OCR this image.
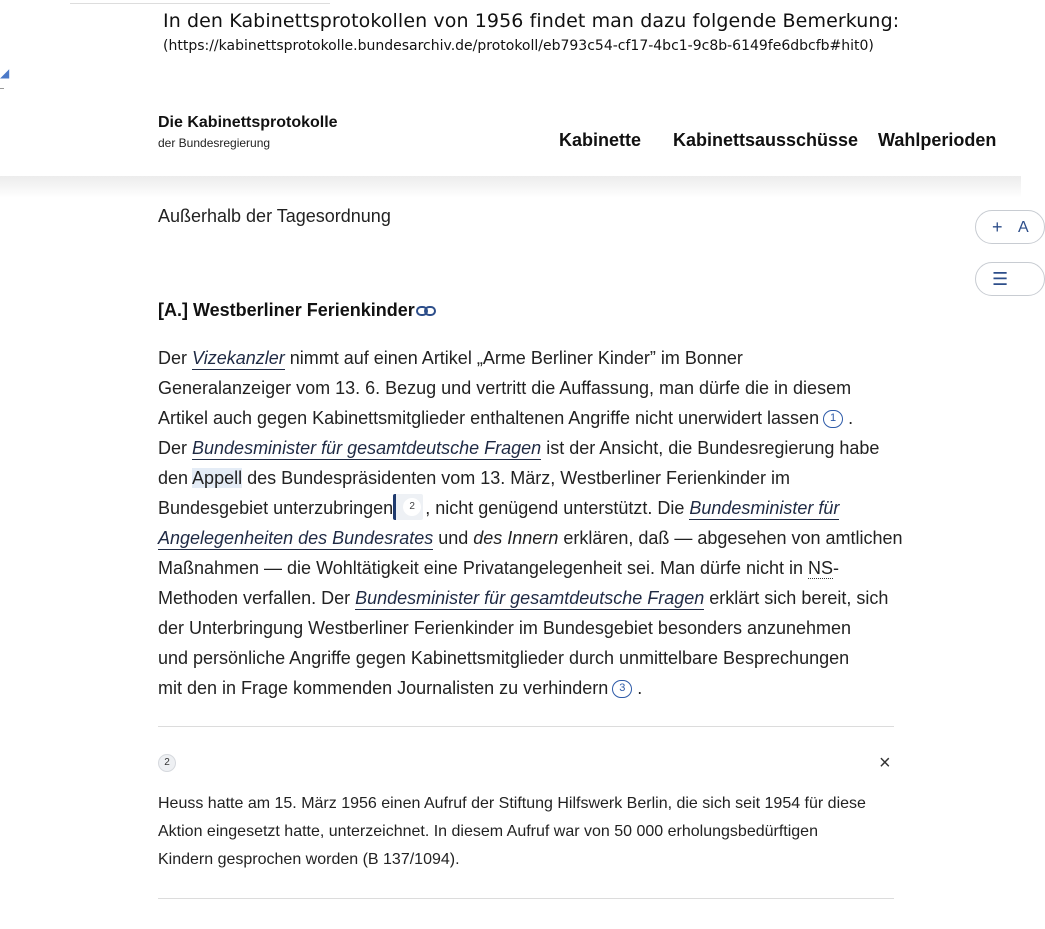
◢
In den Kabinettsprotokollen von 1956 findet man dazu folgende Bemerkung:
(https://kabinettsprotokolle.bundesarchiv.de/protokoll/eb793c54-cf17-4bc1-9c8b-6149fe6dbcfb#hit0)
Die Kabinettsprotokolle
der Bundesregierung	Kabinette Kabinettsausschüsse Wahlperioden
+ A
☰
Außerhalb der Tagesordnung
[A.] Westberliner Ferienkinder
Der Vizekanzler nimmt auf einen Artikel „Arme Berliner Kinder” im Bonner
Generalanzeiger vom 13. 6. Bezug und vertritt die Auffassung, man dürfe die in diesem
Artikel auch gegen Kabinettsmitglieder enthaltenen Angriffe nicht unerwidert lassen 1 .
Der Bundesminister für gesamtdeutsche Fragen ist der Ansicht, die Bundesregierung habe
den Appell des Bundespräsidenten vom 13. März, Westberliner Ferienkinder im
Bundesgebiet unterzubringen	2 , nicht genügend unterstützt. Die Bundesminister für
Angelegenheiten des Bundesrates und des Innern erklären, daß — abgesehen von amtlichen
Maßnahmen — die Wohltätigkeit eine Privatangelegenheit sei. Man dürfe nicht in NS-
Methoden verfallen. Der Bundesminister für gesamtdeutsche Fragen erklärt sich bereit, sich
der Unterbringung Westberliner Ferienkinder im Bundesgebiet besonders anzunehmen
und persönliche Angriffe gegen Kabinettsmitglieder durch unmittelbare Besprechungen
mit den in Frage kommenden Journalisten zu verhindern 3 .
2	×
Heuss hatte am 15. März 1956 einen Aufruf der Stiftung Hilfswerk Berlin, die sich seit 1954 für diese
Aktion eingesetzt hatte, unterzeichnet. In diesem Aufruf war von 50 000 erholungsbedürftigen
Kindern gesprochen worden (B 137/1094).
